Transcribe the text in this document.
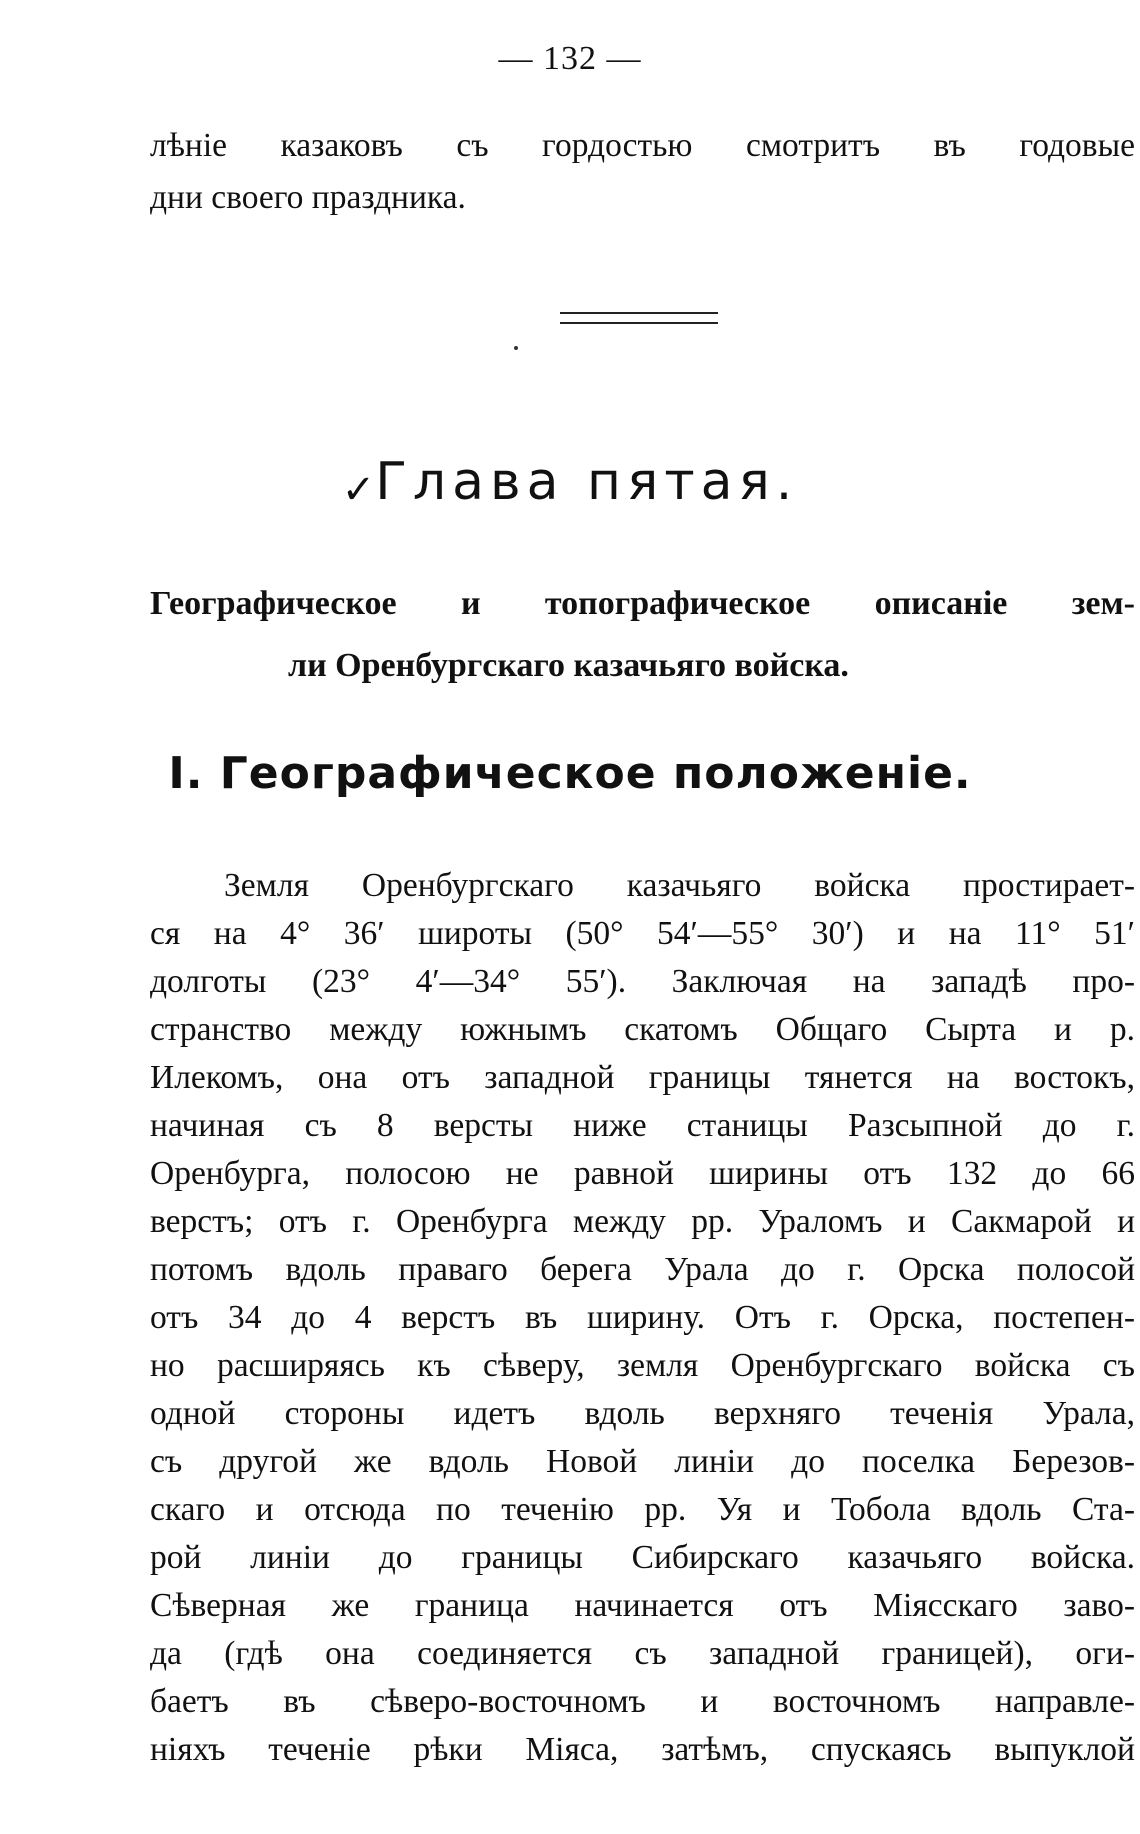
— 132 —
лѣніе казаковъ съ гордостью смотритъ въ годовые
дни своего праздника.
✓Глава пятая.
Географическое и топографическое описаніе зем-
ли Оренбургскаго казачьяго войска.
I. Географическое положеніе.
Земля Оренбургскаго казачьяго войска простирает-
ся на 4° 36′ широты (50° 54′—55° 30′) и на 11° 51′
долготы (23° 4′—34° 55′). Заключая на западѣ про-
странство между южнымъ скатомъ Общаго Сырта и р.
Илекомъ, она отъ западной границы тянется на востокъ,
начиная съ 8 версты ниже станицы Разсыпной до г.
Оренбурга, полосою не равной ширины отъ 132 до 66
верстъ; отъ г. Оренбурга между рр. Ураломъ и Сакмарой и
потомъ вдоль праваго берега Урала до г. Орска полосой
отъ 34 до 4 верстъ въ ширину. Отъ г. Орска, постепен-
но расширяясь къ сѣверу, земля Оренбургскаго войска съ
одной стороны идетъ вдоль верхняго теченія Урала,
съ другой же вдоль Новой линіи до поселка Березов-
скаго и отсюда по теченію рр. Уя и Тобола вдоль Ста-
рой линіи до границы Сибирскаго казачьяго войска.
Сѣверная же граница начинается отъ Міясскаго заво-
да (гдѣ она соединяется съ западной границей), оги-
баетъ въ сѣверо-восточномъ и восточномъ направле-
ніяхъ теченіе рѣки Міяса, затѣмъ, спускаясь выпуклой
